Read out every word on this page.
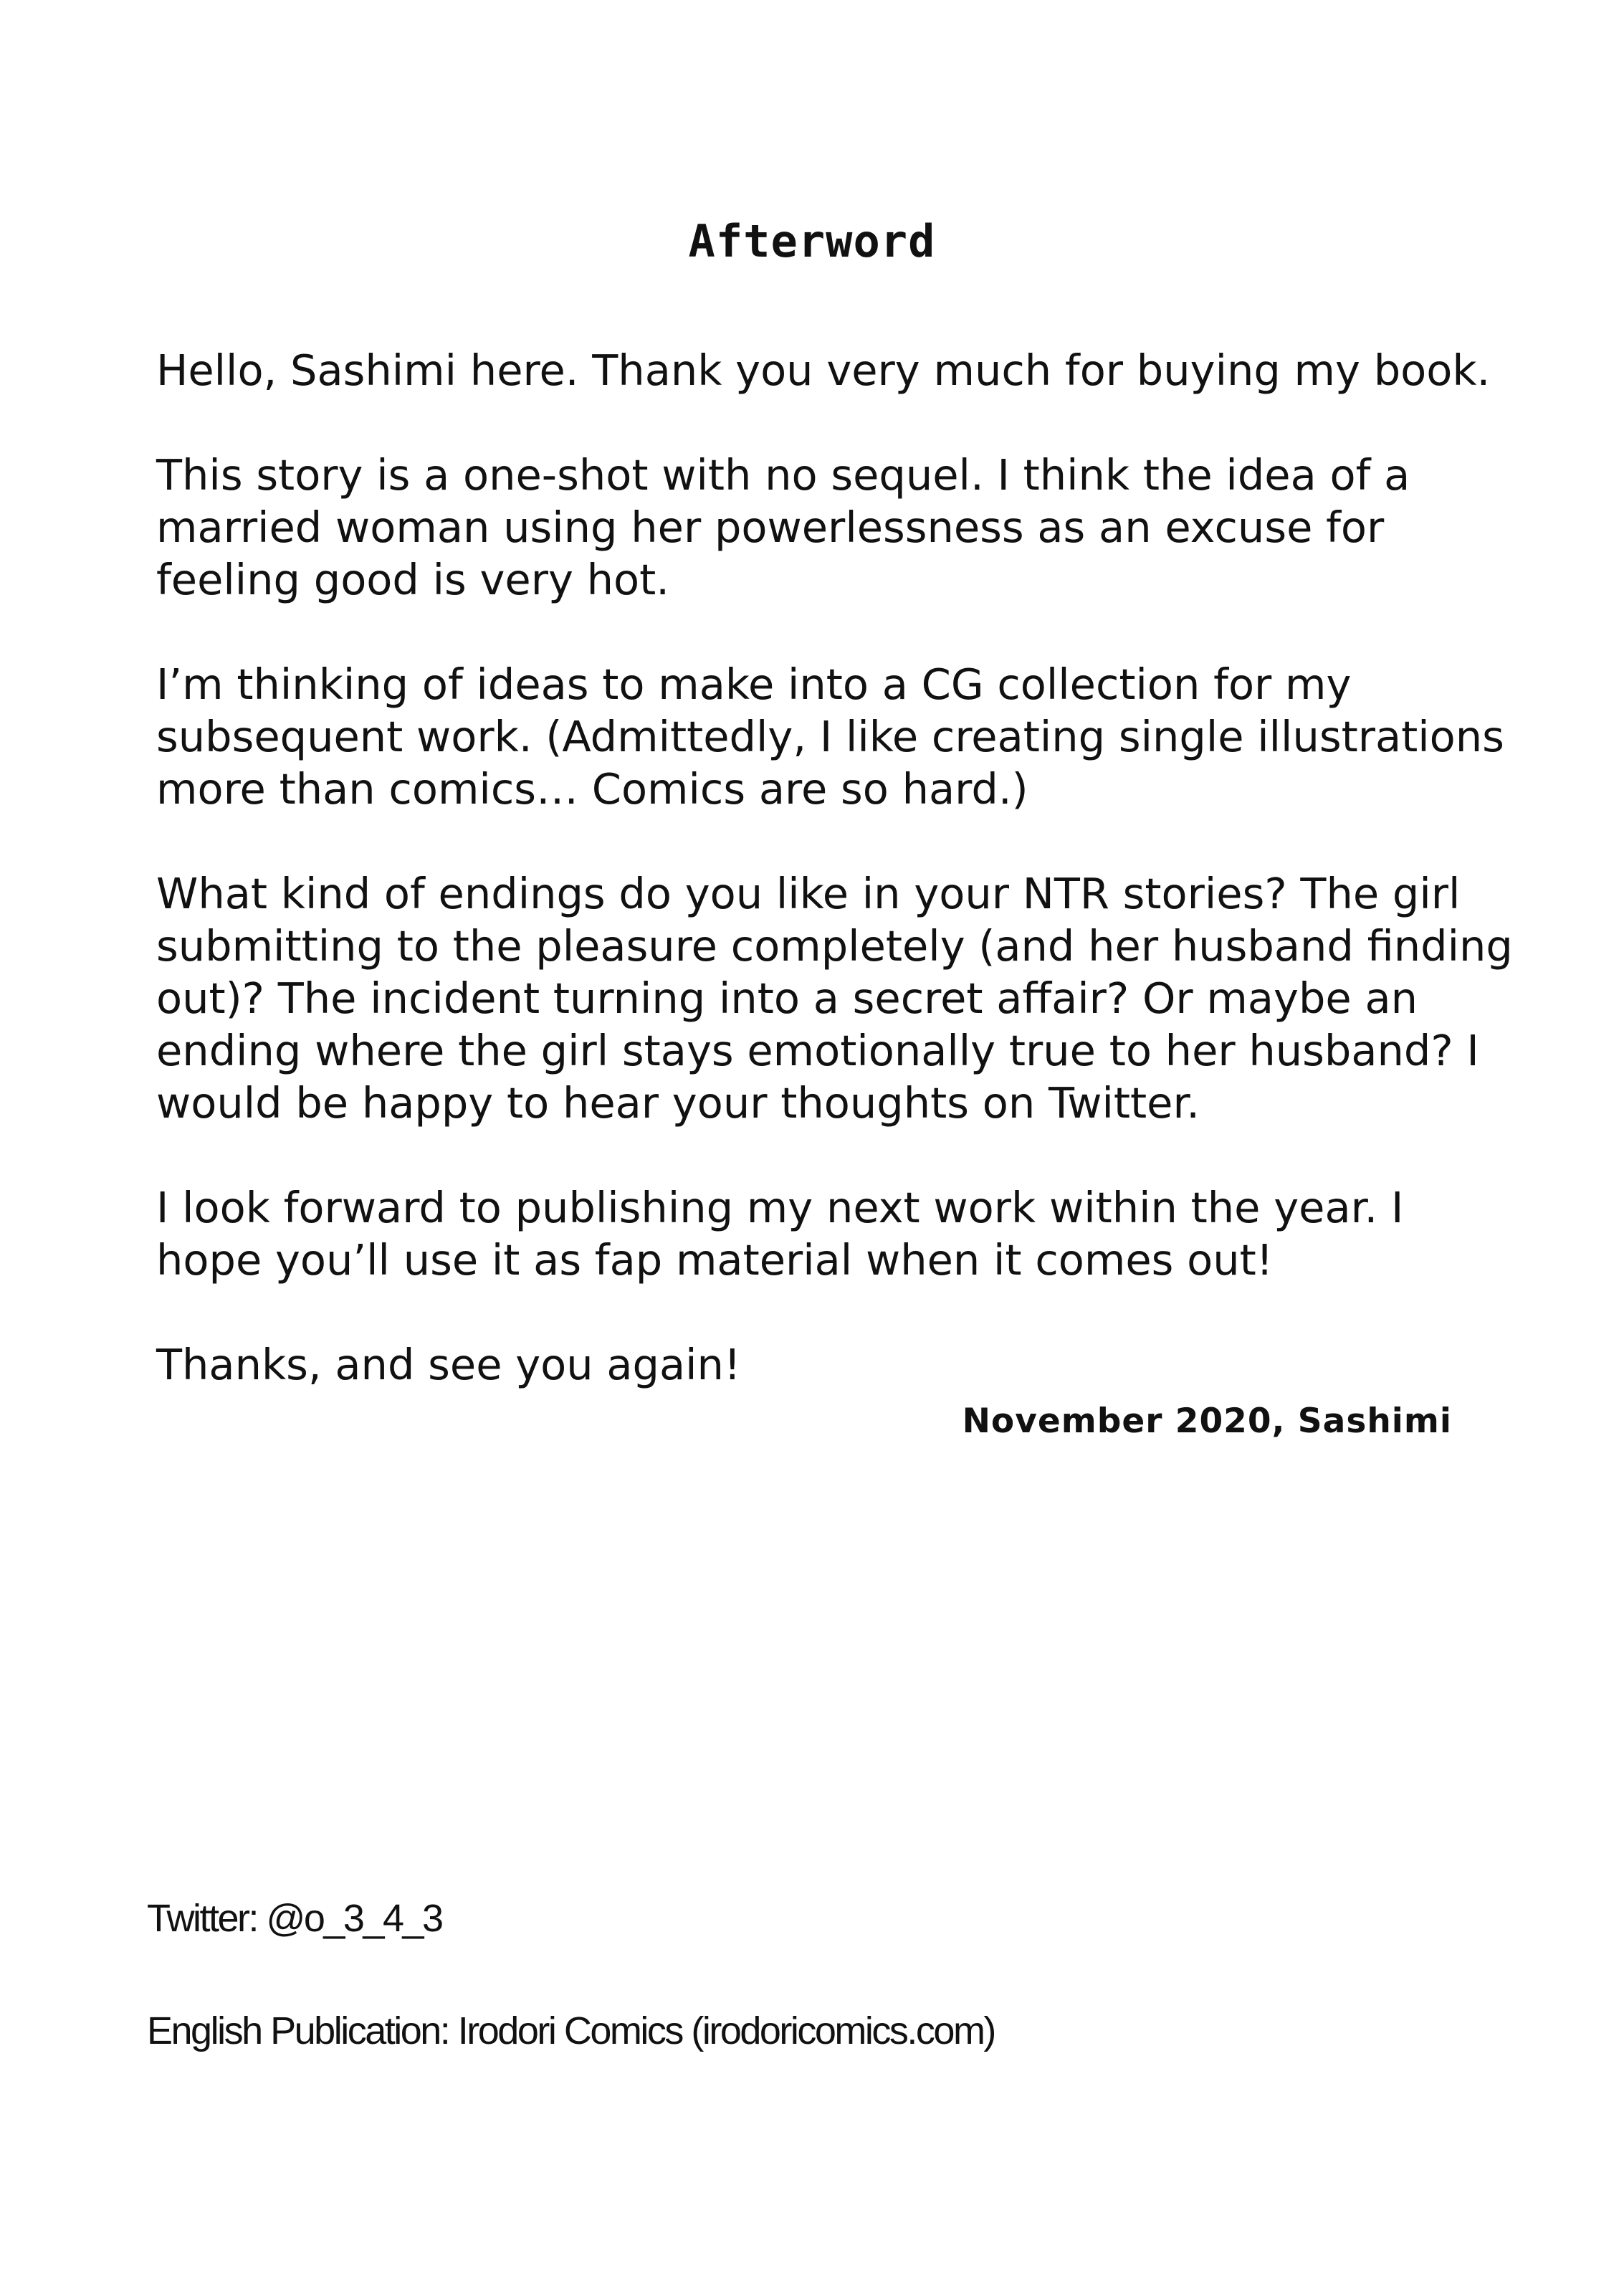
Afterword

Hello, Sashimi here. Thank you very much for buying my book.

This story is a one-shot with no sequel. I think the idea of a married woman using her powerlessness as an excuse for feeling good is very hot.

I’m thinking of ideas to make into a CG collection for my subsequent work. (Admittedly, I like creating single illustrations more than comics… Comics are so hard.)

What kind of endings do you like in your NTR stories? The girl submitting to the pleasure completely (and her husband finding out)? The incident turning into a secret affair? Or maybe an ending where the girl stays emotionally true to her husband? I would be happy to hear your thoughts on Twitter.

I look forward to publishing my next work within the year. I hope you’ll use it as fap material when it comes out!

Thanks, and see you again!

November 2020, Sashimi
Twitter: @o_3_4_3
English Publication: Irodori Comics (irodoricomics.com)
